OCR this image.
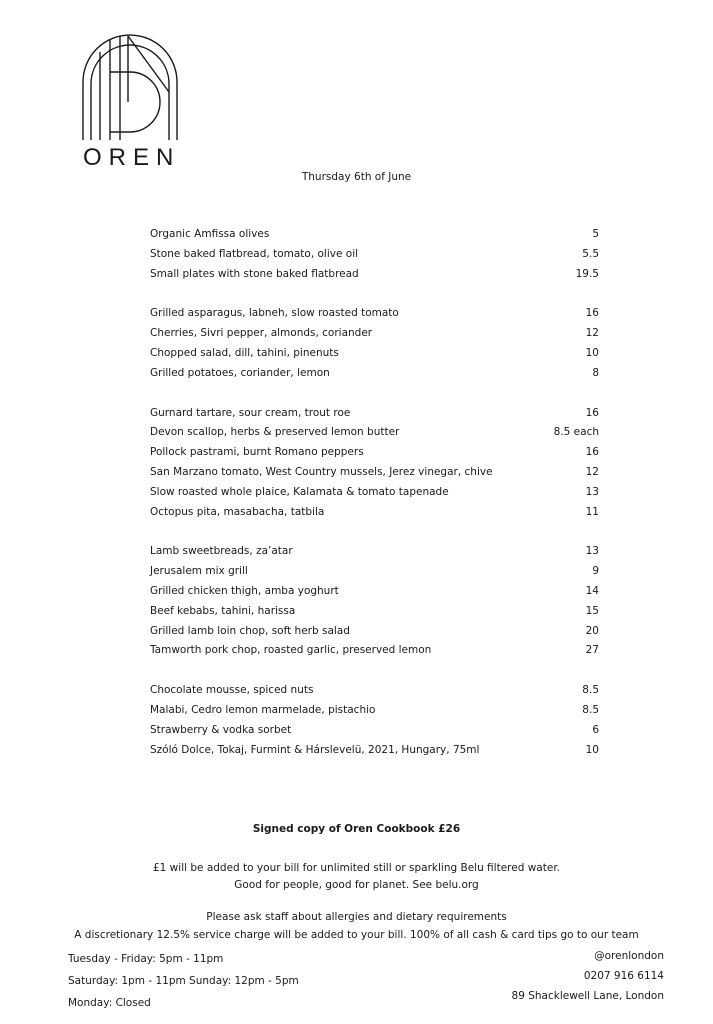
OREN
Thursday 6th of June
Organic Amfissa olives	5
Stone baked flatbread, tomato, olive oil	5.5
Small plates with stone baked flatbread	19.5
Grilled asparagus, labneh, slow roasted tomato	16
Cherries, Sivri pepper, almonds, coriander	12
Chopped salad, dill, tahini, pinenuts	10
Grilled potatoes, coriander, lemon	8
Gurnard tartare, sour cream, trout roe	16
Devon scallop, herbs & preserved lemon butter	8.5 each
Pollock pastrami, burnt Romano peppers	16
San Marzano tomato, West Country mussels, Jerez vinegar, chive	12
Slow roasted whole plaice, Kalamata & tomato tapenade	13
Octopus pita, masabacha, tatbila	11
Lamb sweetbreads, za’atar	13
Jerusalem mix grill	9
Grilled chicken thigh, amba yoghurt	14
Beef kebabs, tahini, harissa	15
Grilled lamb loin chop, soft herb salad	20
Tamworth pork chop, roasted garlic, preserved lemon	27
Chocolate mousse, spiced nuts	8.5
Malabi, Cedro lemon marmelade, pistachio	8.5
Strawberry & vodka sorbet	6
Szóló Dolce, Tokaj, Furmint & Hárslevelü, 2021, Hungary, 75ml	10
Signed copy of Oren Cookbook £26
£1 will be added to your bill for unlimited still or sparkling Belu filtered water.
Good for people, good for planet. See belu.org
Please ask staff about allergies and dietary requirements
A discretionary 12.5% service charge will be added to your bill. 100% of all cash & card tips go to our team
Tuesday - Friday: 5pm - 11pm
Saturday: 1pm - 11pm Sunday: 12pm - 5pm
Monday: Closed
@orenlondon
0207 916 6114
89 Shacklewell Lane, London
